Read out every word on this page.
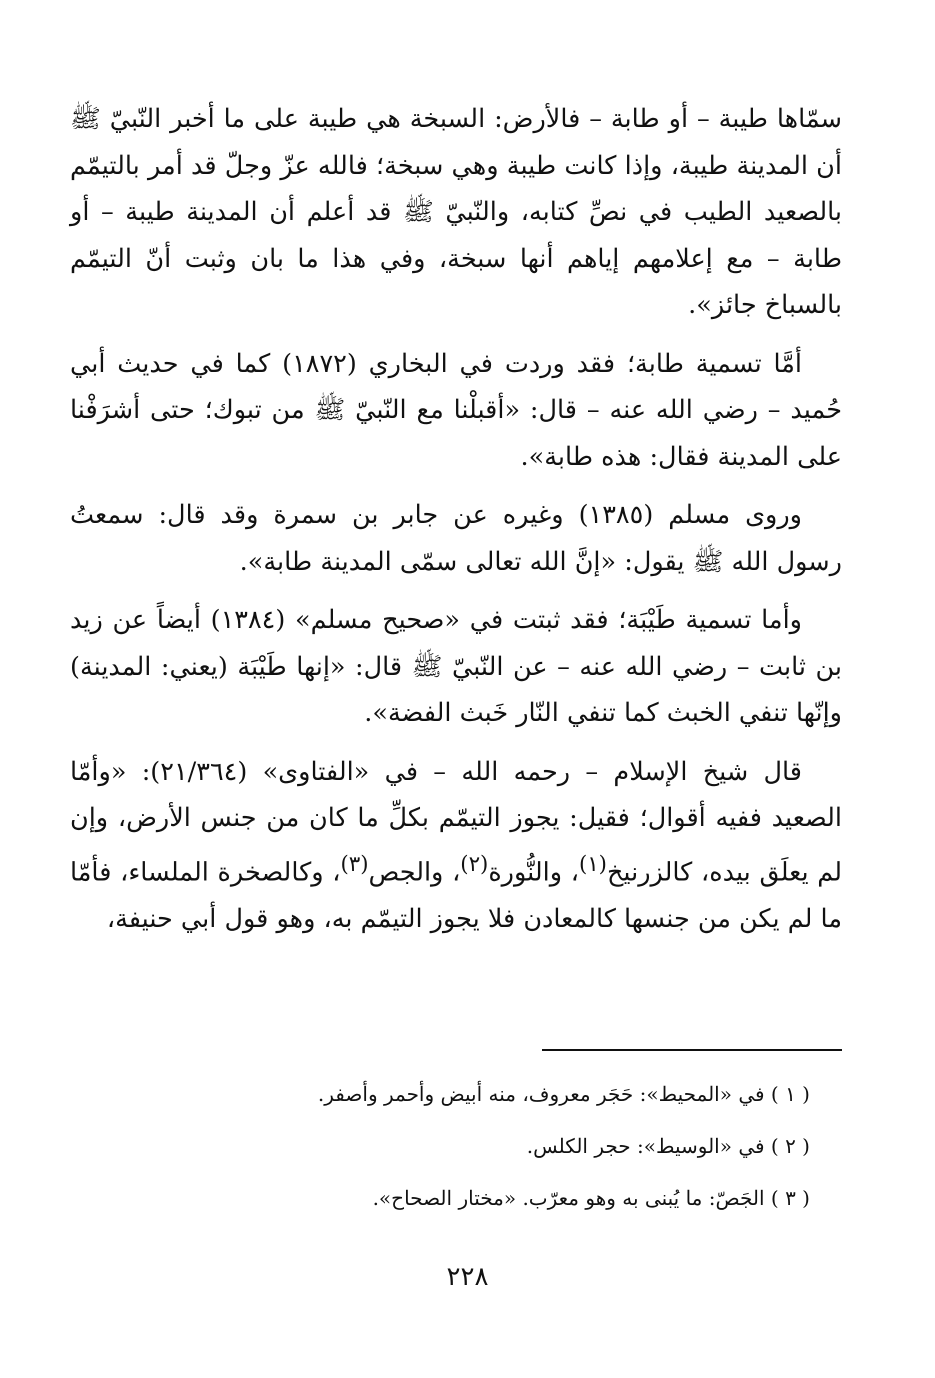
سمّاها طيبة – أو طابة – فالأرض: السبخة هي طيبة على ما أخبر النّبيّ ﷺ أن المدينة طيبة، وإذا كانت طيبة وهي سبخة؛ فالله عزّ وجلّ قد أمر بالتيمّم بالصعيد الطيب في نصِّ كتابه، والنّبيّ ﷺ قد أعلم أن المدينة طيبة – أو طابة – مع إعلامهم إياهم أنها سبخة، وفي هذا ما بان وثبت أنّ التيمّم بالسباخ جائز».

أمَّا تسمية طابة؛ فقد وردت في البخاري (١٨٧٢) كما في حديث أبي حُميد – رضي الله عنه – قال: «أقبلْنا مع النّبيّ ﷺ من تبوك؛ حتى أشرَفْنا على المدينة فقال: هذه طابة».

وروى مسلم (١٣٨٥) وغيره عن جابر بن سمرة وقد قال: سمعتُ رسول الله ﷺ يقول: «إنَّ الله تعالى سمّى المدينة طابة».

وأما تسمية طَيْبَة؛ فقد ثبتت في «صحيح مسلم» (١٣٨٤) أيضاً عن زيد بن ثابت – رضي الله عنه – عن النّبيّ ﷺ قال: «إنها طَيْبَة (يعني: المدينة) وإنّها تنفي الخبث كما تنفي النّار خَبث الفضة».

قال شيخ الإسلام – رحمه الله – في «الفتاوى» (٢١/٣٦٤): «وأمّا الصعيد ففيه أقوال؛ فقيل: يجوز التيمّم بكلِّ ما كان من جنس الأرض، وإن لم يعلَق بيده، كالزرنيخ$^{(١)}$، والنُّورة$^{(٢)}$، والجص$^{(٣)}$، وكالصخرة الملساء، فأمّا ما لم يكن من جنسها كالمعادن فلا يجوز التيمّم به، وهو قول أبي حنيفة،

( ١ ) في «المحيط»: حَجَر معروف، منه أبيض وأحمر وأصفر.

( ٢ ) في «الوسيط»: حجر الكلس.

( ٣ ) الجَصّ: ما يُبنى به وهو معرّب. «مختار الصحاح».

٢٢٨
